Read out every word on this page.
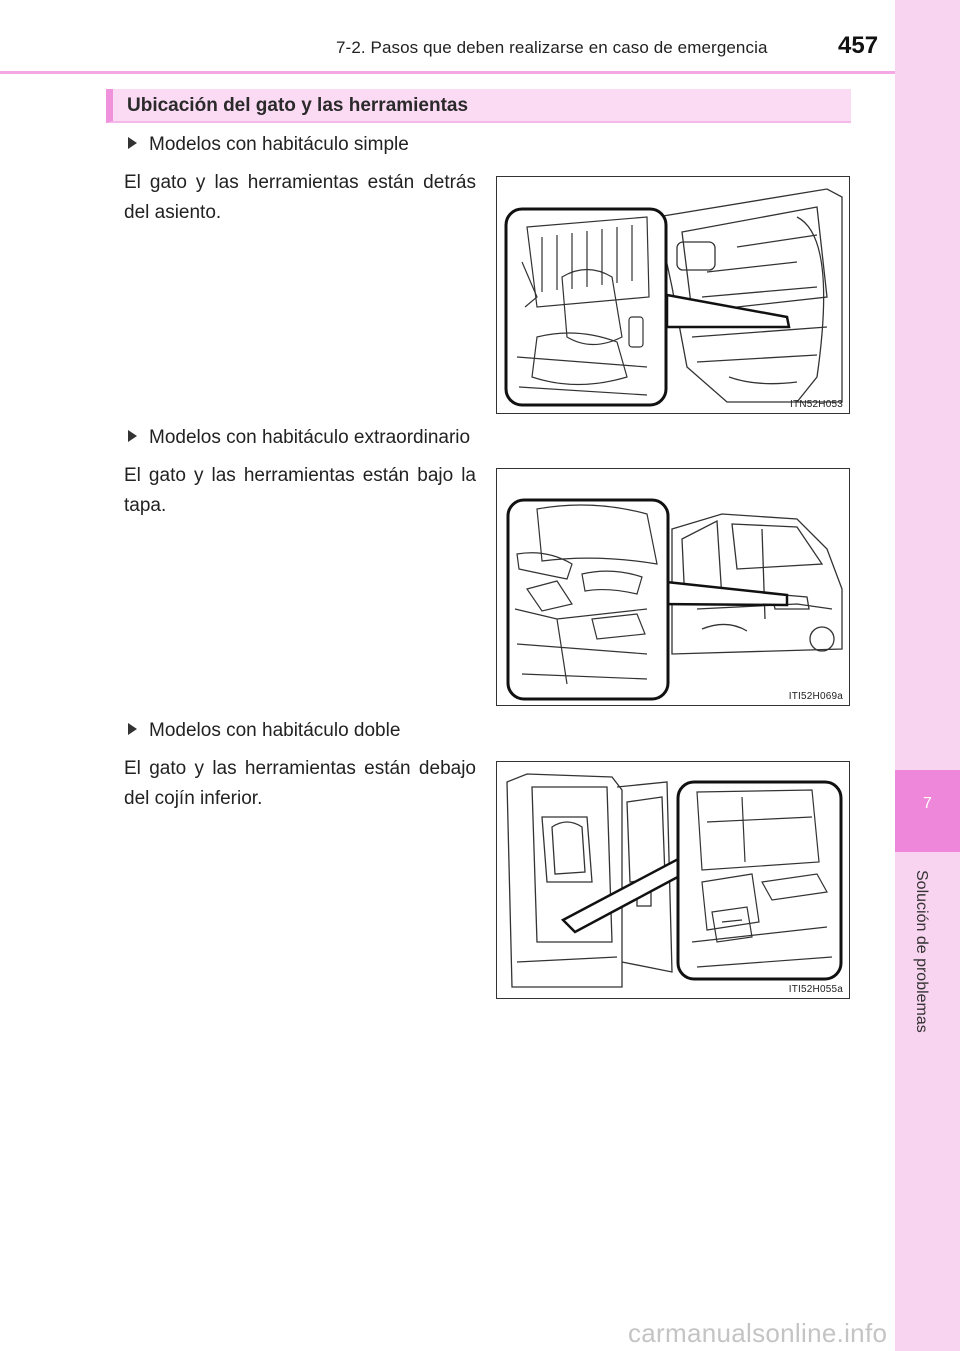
7-2. Pasos que deben realizarse en caso de emergencia	457
7
Solución de problemas
Ubicación del gato y las herramientas
Modelos con habitáculo simple
El gato y las herramientas están detrás del asiento.
ITN52H053
Modelos con habitáculo extraordinario
El gato y las herramientas están bajo la tapa.
ITI52H069a
Modelos con habitáculo doble
El gato y las herramientas están debajo del cojín inferior.
ITI52H055a
carmanualsonline.info
